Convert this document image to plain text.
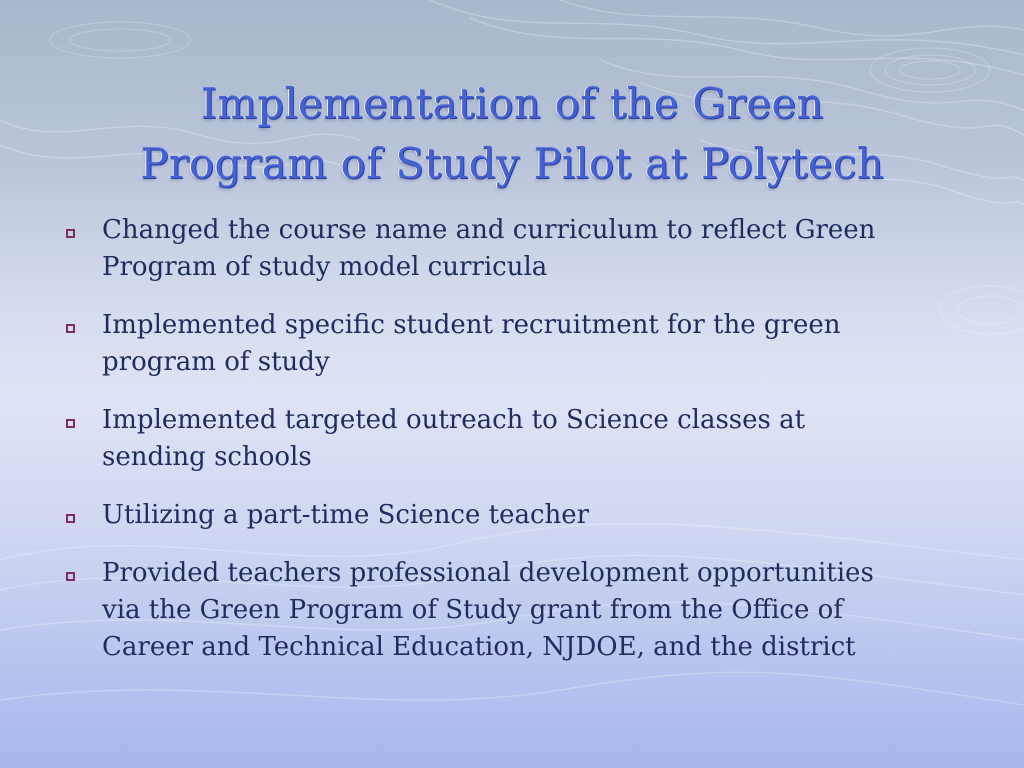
Implementation of the Green
Program of Study Pilot at Polytech
Changed the course name and curriculum to reflect Green
Program of study model curricula
Implemented specific student recruitment for the green
program of study
Implemented targeted outreach to Science classes at
sending schools
Utilizing a part-time Science teacher
Provided teachers professional development opportunities
via the Green Program of Study grant from the Office of
Career and Technical Education, NJDOE, and the district
